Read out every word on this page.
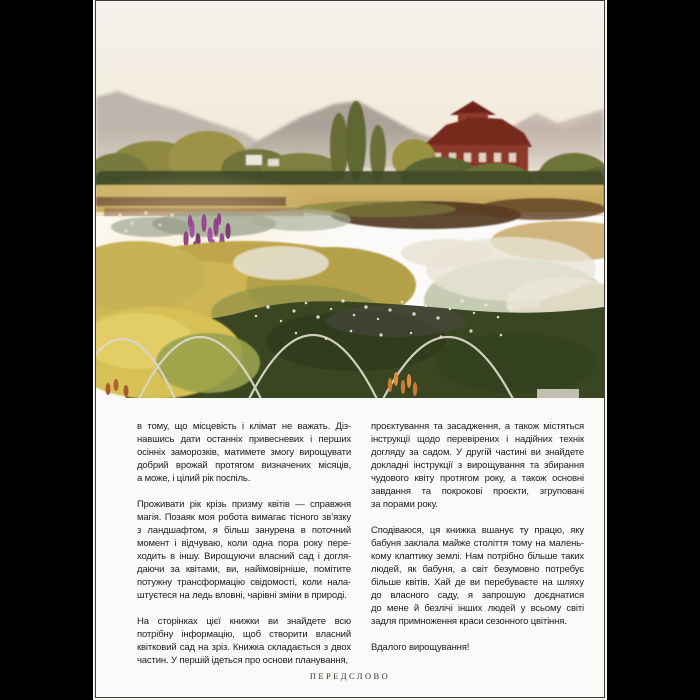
в тому, що місцевість і клімат не важать. Діз-
навшись дати останніх привесневих і перших
осінніх заморозків, матимете змогу вирощувати
добрий врожай протягом визначених місяців,
а може, і цілий рік поспіль.
Проживати рік крізь призму квітів — справжня
магія. Позаяк моя робота вимагає тісного зв’язку
з ландшафтом, я більш занурена в поточний
момент і відчуваю, коли одна пора року пере-
ходить в іншу. Вирощуючи власний сад і догля-
даючи за квітами, ви, найімовірніше, помітите
потужну трансформацію свідомості, коли нала-
штуєтеся на ледь вловні, чарівні зміни в природі.
На сторінках цієї книжки ви знайдете всю
потрібну інформацію, щоб створити власний
квітковий сад на зріз. Книжка складається з двох
частин. У першій ідеться про основи планування,
проєктування та засадження, а також містяться
інструкції щодо перевірених і надійних технік
догляду за садом. У другій частині ви знайдете
докладні інструкції з вирощування та збирання
чудового квіту протягом року, а також основні
завдання та покрокові проєкти, згруповані
за порами року.
Сподіваюся, ця книжка вшанує ту працю, яку
бабуня заклала майже століття тому на малень-
кому клаптику землі. Нам потрібно більше таких
людей, як бабуня, а світ безумовно потребує
більше квітів. Хай де ви перебуваєте на шляху
до власного саду, я запрошую доєднатися
до мене й безлічі інших людей у всьому світі
задля примноження краси сезонного цвітіння.
Вдалого вирощування!
ПЕРЕДСЛОВО
